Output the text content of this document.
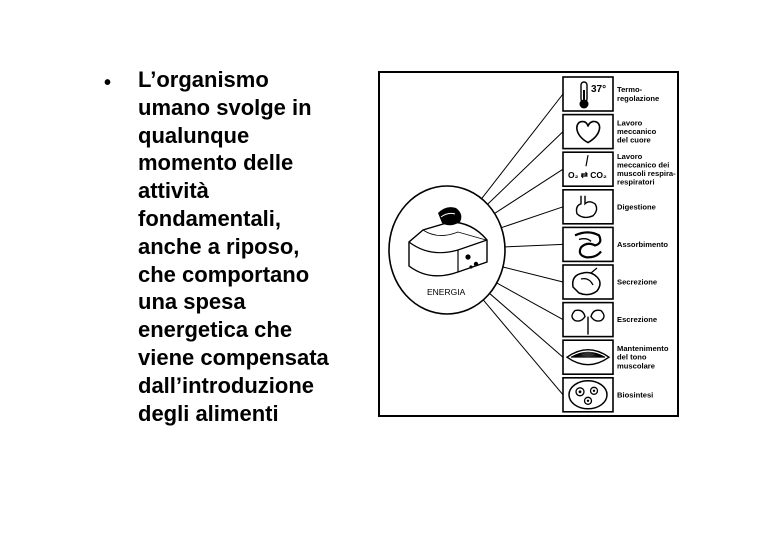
• L’organismo
umano svolge in
qualunque
momento delle
attività
fondamentali,
anche a riposo,
che comportano
una spesa
energetica che
viene compensata
dall’introduzione
degli alimenti
ENERGIA
37° Termo-regolazione
Lavoro meccanico del cuore
O₂ ⇄ CO₂
Lavoro meccanico dei muscoli respira-respiratori
Digestione
Assorbimento
Secrezione
Escrezione
Mantenimento del tono muscolare
Biosintesi
